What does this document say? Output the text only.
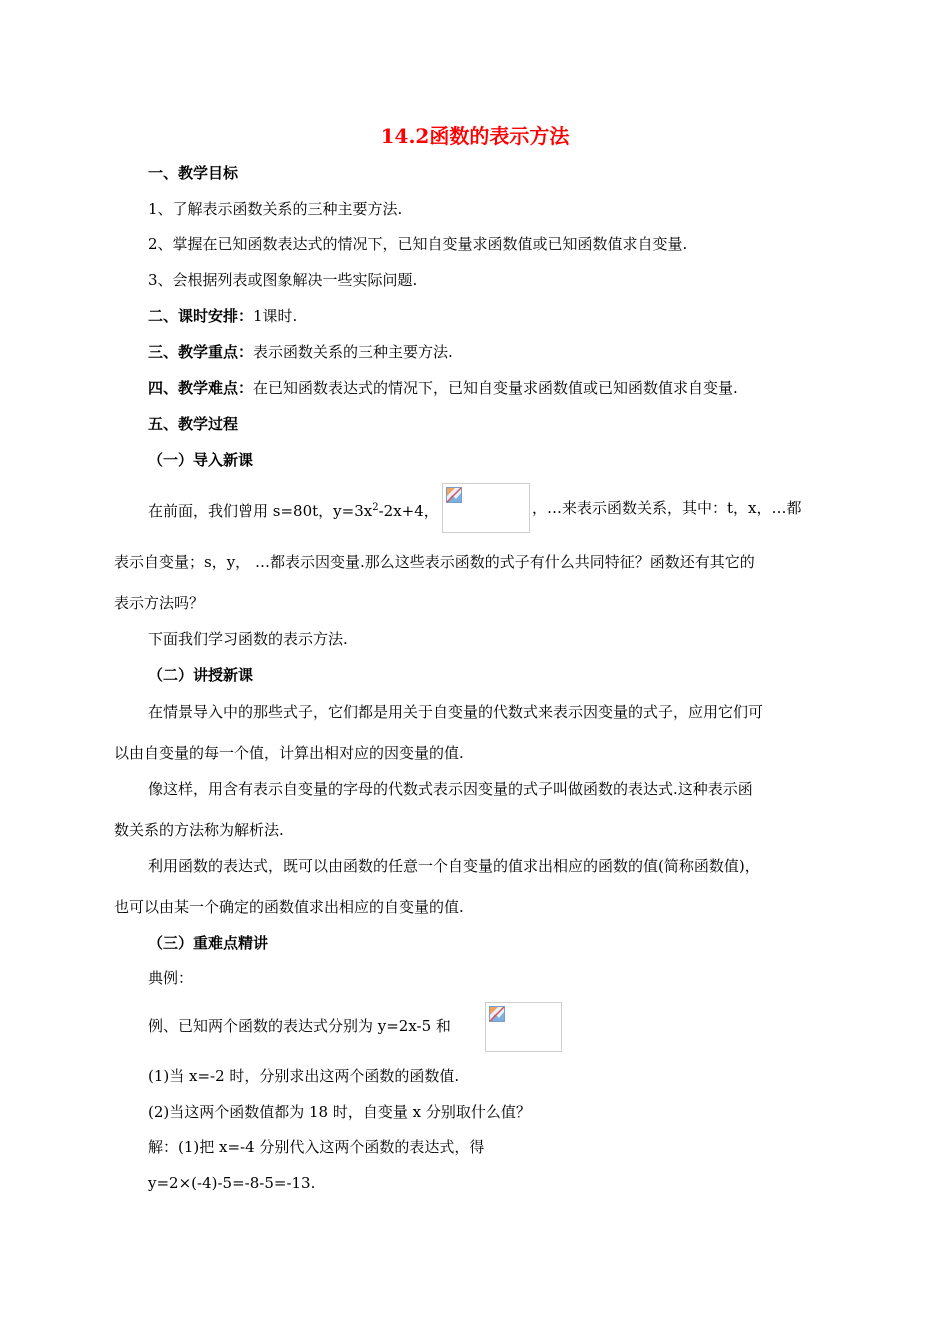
14.2函数的表示方法
一、教学目标
1、了解表示函数关系的三种主要方法.
2、掌握在已知函数表达式的情况下，已知自变量求函数值或已知函数值求自变量.
3、会根据列表或图象解决一些实际问题.
二、课时安排：1课时.
三、教学重点：表示函数关系的三种主要方法.
四、教学难点：在已知函数表达式的情况下，已知自变量求函数值或已知函数值求自变量.
五、教学过程
（一）导入新课
在前面，我们曾用 s=80t，$y=3x^2-2x+4$，	，…来表示函数关系，其中：t，x，…都
表示自变量；s，y， …都表示因变量.那么这些表示函数的式子有什么共同特征？函数还有其它的
表示方法吗？
下面我们学习函数的表示方法.
（二）讲授新课
在情景导入中的那些式子，它们都是用关于自变量的代数式来表示因变量的式子，应用它们可
以由自变量的每一个值，计算出相对应的因变量的值.
像这样，用含有表示自变量的字母的代数式表示因变量的式子叫做函数的表达式.这种表示函
数关系的方法称为解析法.
利用函数的表达式，既可以由函数的任意一个自变量的值求出相应的函数的值(简称函数值)，
也可以由某一个确定的函数值求出相应的自变量的值.
（三）重难点精讲
典例：
例、已知两个函数的表达式分别为 y=2x-5 和
(1)当 x=-2 时，分别求出这两个函数的函数值.
(2)当这两个函数值都为 18 时，自变量 x 分别取什么值？
解：(1)把 x=-4 分别代入这两个函数的表达式，得
y=2×(-4)-5=-8-5=-13.
